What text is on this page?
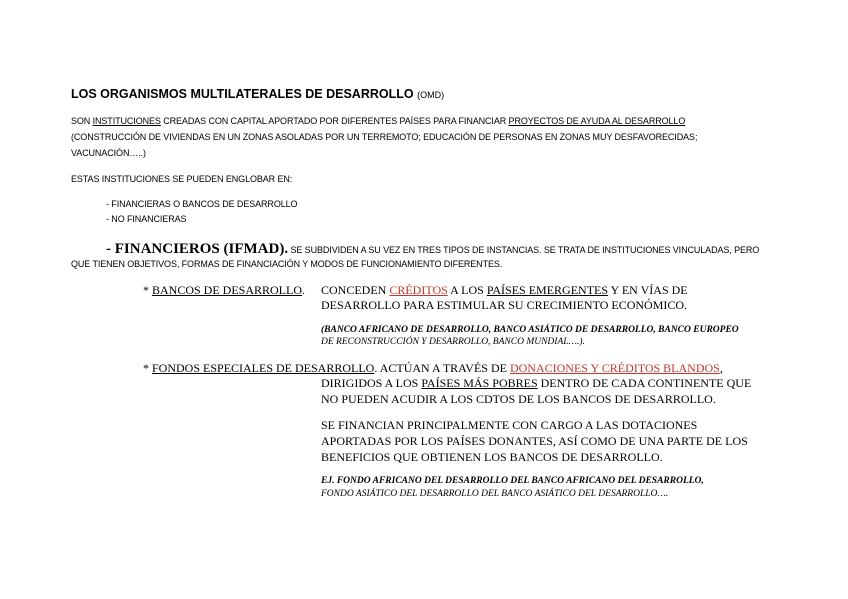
LOS ORGANISMOS MULTILATERALES DE DESARROLLO (OMD)
SON INSTITUCIONES CREADAS CON CAPITAL APORTADO POR DIFERENTES PAÍSES PARA FINANCIAR PROYECTOS DE AYUDA AL DESARROLLO
(CONSTRUCCIÓN DE VIVIENDAS EN UN ZONAS ASOLADAS POR UN TERREMOTO; EDUCACIÓN DE PERSONAS EN ZONAS MUY DESFAVORECIDAS;
VACUNACIÓN…..)
ESTAS INSTITUCIONES SE PUEDEN ENGLOBAR EN:
- FINANCIERAS O BANCOS DE DESARROLLO
- NO FINANCIERAS
- FINANCIEROS (IFMAD). SE SUBDIVIDEN A SU VEZ EN TRES TIPOS DE INSTANCIAS. SE TRATA DE INSTITUCIONES VINCULADAS, PERO
QUE TIENEN OBJETIVOS, FORMAS DE FINANCIACIÓN Y MODOS DE FUNCIONAMIENTO DIFERENTES.
* BANCOS DE DESARROLLO. CONCEDEN CRÉDITOS A LOS PAÍSES EMERGENTES Y EN VÍAS DE
DESARROLLO PARA ESTIMULAR SU CRECIMIENTO ECONÓMICO.
(BANCO AFRICANO DE DESARROLLO, BANCO ASIÁTICO DE DESARROLLO, BANCO EUROPEO
DE RECONSTRUCCIÓN Y DESARROLLO, BANCO MUNDIAL….).
* FONDOS ESPECIALES DE DESARROLLO. ACTÚAN A TRAVÉS DE DONACIONES Y CRÉDITOS BLANDOS,
DIRIGIDOS A LOS PAÍSES MÁS POBRES DENTRO DE CADA CONTINENTE QUE
NO PUEDEN ACUDIR A LOS CDTOS DE LOS BANCOS DE DESARROLLO.
SE FINANCIAN PRINCIPALMENTE CON CARGO A LAS DOTACIONES
APORTADAS POR LOS PAÍSES DONANTES, ASÍ COMO DE UNA PARTE DE LOS
BENEFICIOS QUE OBTIENEN LOS BANCOS DE DESARROLLO.
EJ. FONDO AFRICANO DEL DESARROLLO DEL BANCO AFRICANO DEL DESARROLLO,
FONDO ASIÁTICO DEL DESARROLLO DEL BANCO ASIÁTICO DEL DESARROLLO….
